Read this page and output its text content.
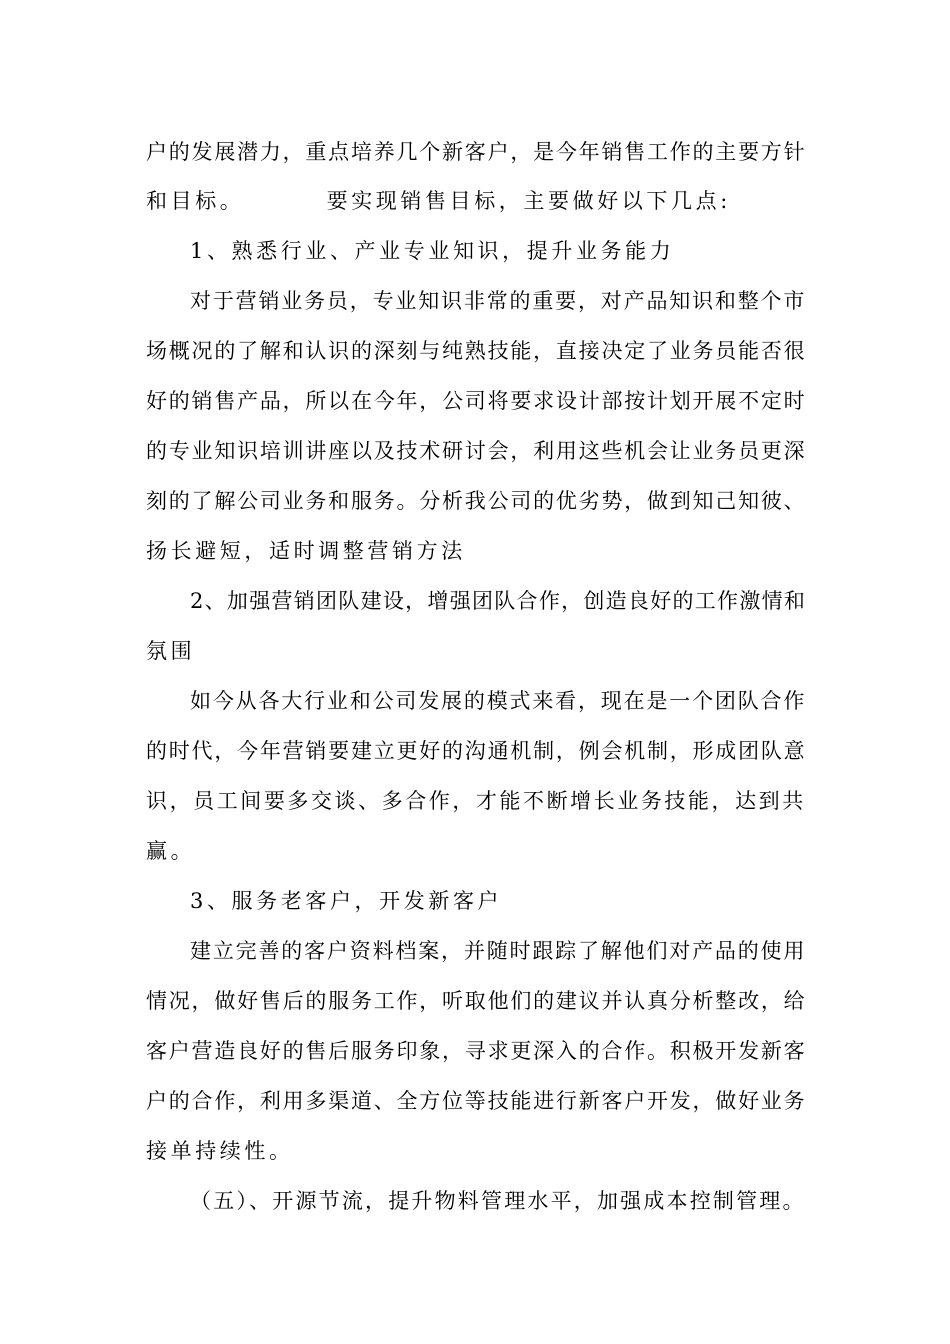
户的发展潜力，重点培养几个新客户，是今年销售工作的主要方针
和目标。        要实现销售目标，主要做好以下几点:
1、熟悉行业、产业专业知识，提升业务能力
对于营销业务员，专业知识非常的重要，对产品知识和整个市
场概况的了解和认识的深刻与纯熟技能，直接决定了业务员能否很
好的销售产品，所以在今年，公司将要求设计部按计划开展不定时
的专业知识培训讲座以及技术研讨会，利用这些机会让业务员更深
刻的了解公司业务和服务。分析我公司的优劣势，做到知己知彼、
扬长避短，适时调整营销方法
2、加强营销团队建设，增强团队合作，创造良好的工作激情和
氛围
如今从各大行业和公司发展的模式来看，现在是一个团队合作
的时代，今年营销要建立更好的沟通机制，例会机制，形成团队意
识，员工间要多交谈、多合作，才能不断增长业务技能，达到共
赢。
3、服务老客户，开发新客户
建立完善的客户资料档案，并随时跟踪了解他们对产品的使用
情况，做好售后的服务工作，听取他们的建议并认真分析整改，给
客户营造良好的售后服务印象，寻求更深入的合作。积极开发新客
户的合作，利用多渠道、全方位等技能进行新客户开发，做好业务
接单持续性。
（五）、开源节流，提升物料管理水平，加强成本控制管理。
